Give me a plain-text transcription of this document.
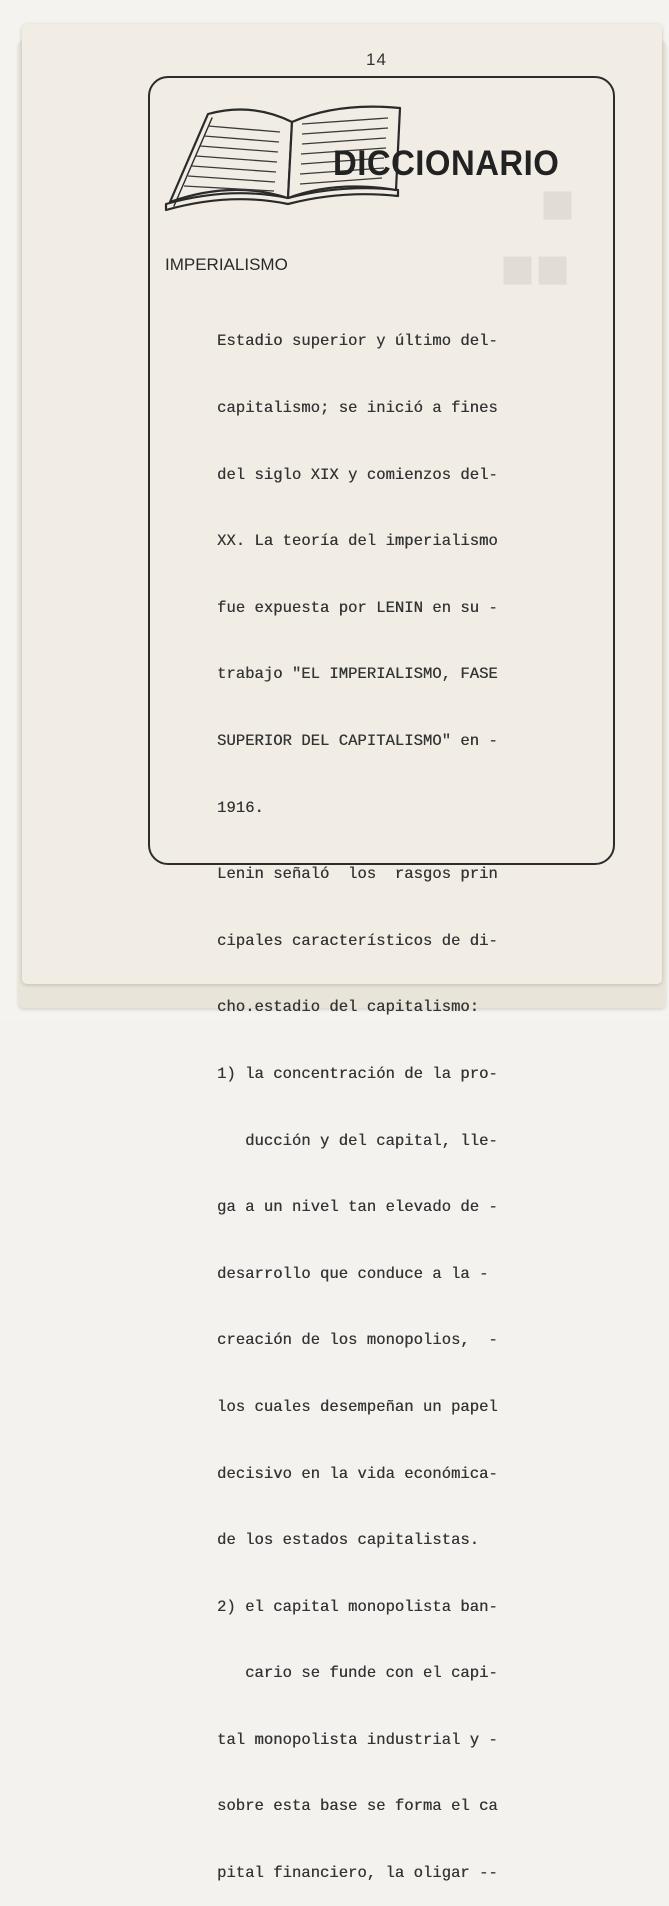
■
■■
14
DICCIONARIO
IMPERIALISMO

Estadio superior y último del-

capitalismo; se inició a fines

del siglo XIX y comienzos del-

XX. La teoría del imperialismo

fue expuesta por LENIN en su -

trabajo "EL IMPERIALISMO, FASE

SUPERIOR DEL CAPITALISMO" en -

1916.

Lenin señaló  los  rasgos prin

cipales característicos de di-

cho.estadio del capitalismo:

1) la concentración de la pro-

ducción y del capital, lle-

ga a un nivel tan elevado de -

desarrollo que conduce a la -

creación de los monopolios,  -

los cuales desempeñan un papel

decisivo en la vida económica-

de los estados capitalistas.

2) el capital monopolista ban-

cario se funde con el capi-

tal monopolista industrial y -

sobre esta base se forma el ca

pital financiero, la oligar --
